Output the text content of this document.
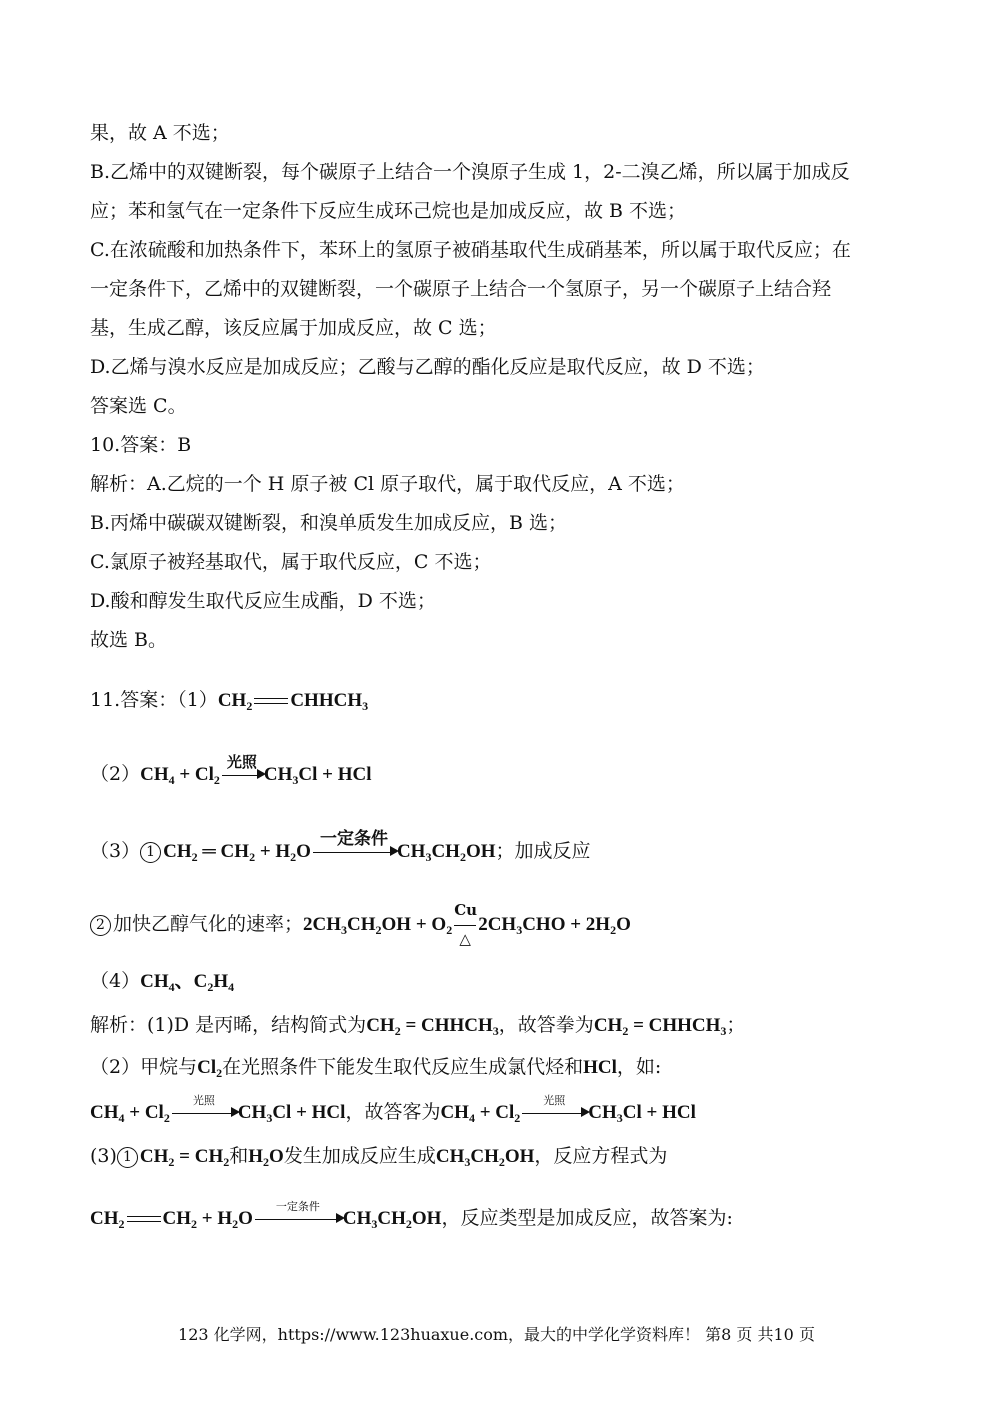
果，故 A 不选；
B.乙烯中的双键断裂，每个碳原子上结合一个溴原子生成 1，2-二溴乙烯，所以属于加成反
应；苯和氢气在一定条件下反应生成环己烷也是加成反应，故 B 不选；
C.在浓硫酸和加热条件下，苯环上的氢原子被硝基取代生成硝基苯，所以属于取代反应；在
一定条件下，乙烯中的双键断裂，一个碳原子上结合一个氢原子，另一个碳原子上结合羟
基，生成乙醇，该反应属于加成反应，故 C 选；
D.乙烯与溴水反应是加成反应；乙酸与乙醇的酯化反应是取代反应，故 D 不选；
答案选 C。
10.答案：B
解析：A.乙烷的一个 H 原子被 Cl 原子取代，属于取代反应，A 不选；
B.丙烯中碳碳双键断裂，和溴单质发生加成反应，B 选；
C.氯原子被羟基取代，属于取代反应，C 不选；
D.酸和醇发生取代反应生成酯，D 不选；
故选 B。
11.答案：$(1)CH_2$ $CHHCH_3$
$(2)CH_4 + Cl_2$
光照
$CH_3Cl$ + HCl
（3） 1 $CH_2$ ═ $CH_2 + H_2O$
一定条件
$CH_3CH_2OH$；加成反应
2 加快乙醇气化的速率；$2CH_3CH_2OH + O_2$
Cu
△
$2CH_3CHO + 2H_2O$
$(4)CH_4$、$C_2H_4$
解析：(1)D 是丙晞，结构简式为$CH_2$ = $CHHCH_3$，故答拳为$CH_2$ = $CHHCH_3$；
（2）甲烷与$Cl_2$在光照条件下能发生取代反应生成氯代烃和HCl，如:
$CH_4 + Cl_2$
光照
$CH_3Cl$ + HCl，故答客为$CH_4 + Cl_2$
光照
$CH_3Cl$ + HCl
(3) 1 $CH_2 = CH_2$和$H_2O$发生加成反应生成$CH_3CH_2OH$，反应方程式为
$CH_2$ $CH_2 + H_2O$
一定条件
$CH_3CH_2OH$，反应类型是加成反应，故答案为:
123 化学网，https://www.123huaxue.com，最大的中学化学资料库！ 第8 页 共10 页
